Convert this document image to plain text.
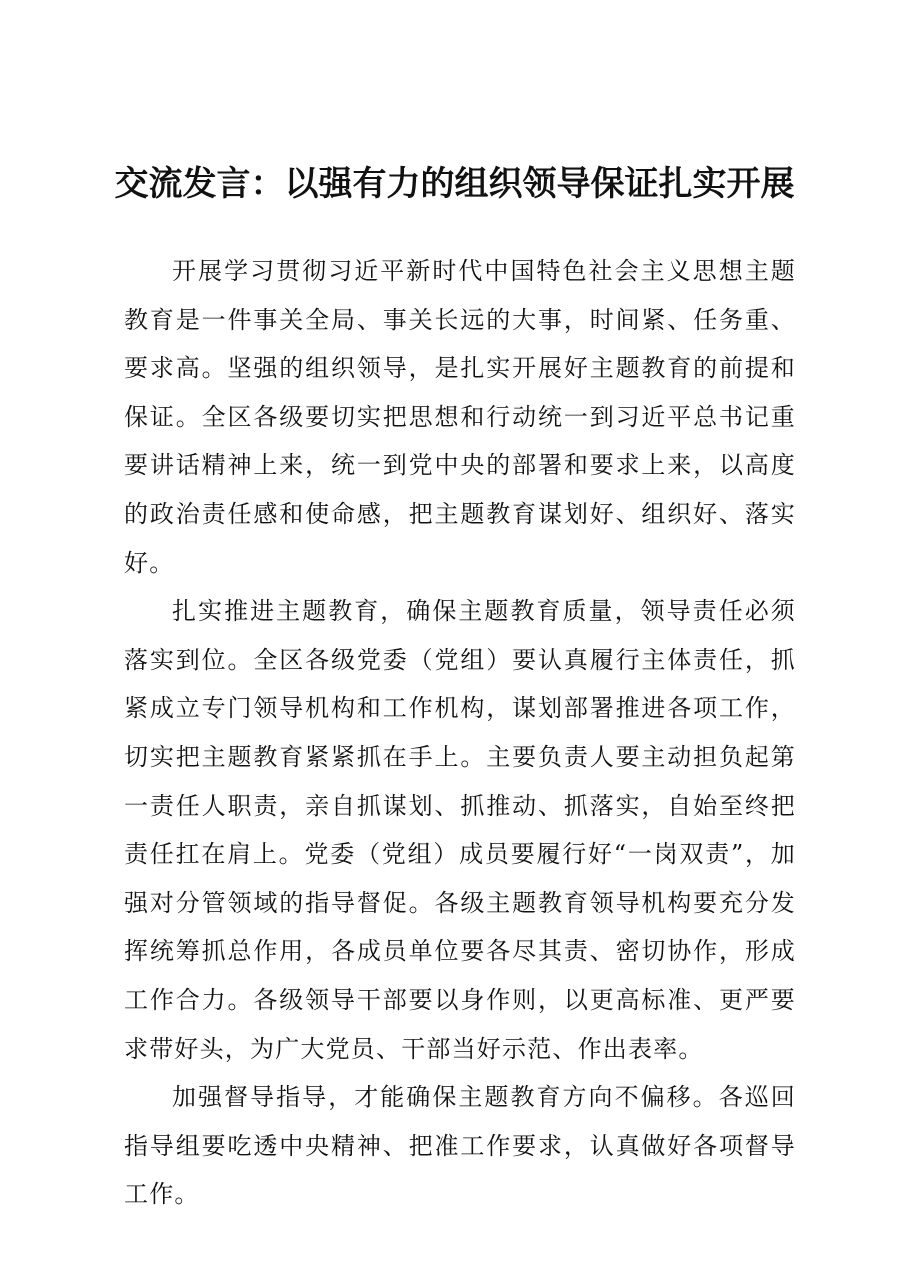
交流发言：以强有力的组织领导保证扎实开展

开展学习贯彻习近平新时代中国特色社会主义思想主题教育是一件事关全局、事关长远的大事，时间紧、任务重、要求高。坚强的组织领导，是扎实开展好主题教育的前提和保证。全区各级要切实把思想和行动统一到习近平总书记重要讲话精神上来，统一到党中央的部署和要求上来，以高度的政治责任感和使命感，把主题教育谋划好、组织好、落实好。

扎实推进主题教育，确保主题教育质量，领导责任必须落实到位。全区各级党委（党组）要认真履行主体责任，抓紧成立专门领导机构和工作机构，谋划部署推进各项工作，切实把主题教育紧紧抓在手上。主要负责人要主动担负起第一责任人职责，亲自抓谋划、抓推动、抓落实，自始至终把责任扛在肩上。党委（党组）成员要履行好“一岗双责”，加强对分管领域的指导督促。各级主题教育领导机构要充分发挥统筹抓总作用，各成员单位要各尽其责、密切协作，形成工作合力。各级领导干部要以身作则，以更高标准、更严要求带好头，为广大党员、干部当好示范、作出表率。

加强督导指导，才能确保主题教育方向不偏移。各巡回指导组要吃透中央精神、把准工作要求，认真做好各项督导工作。
